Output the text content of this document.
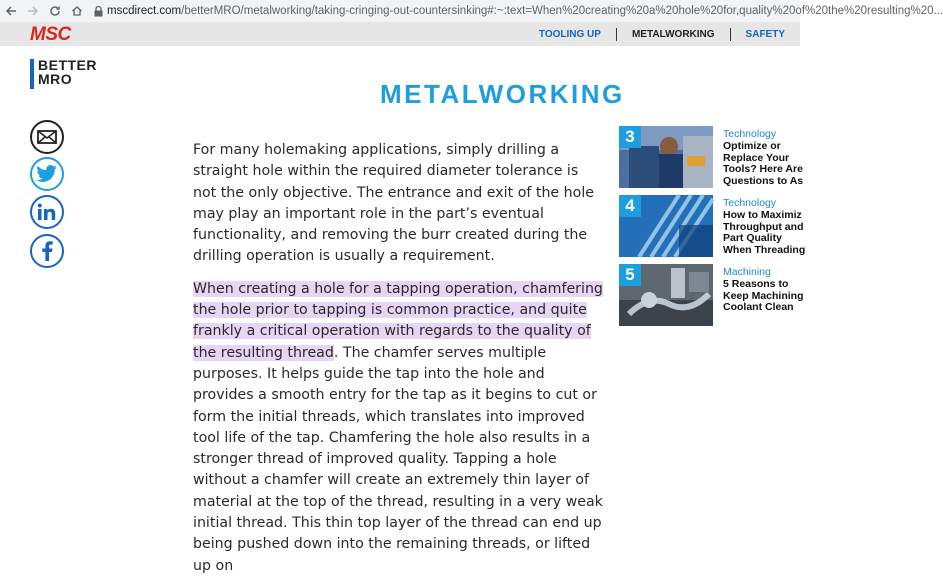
mscdirect.com /betterMRO/metalworking/taking-cringing-out-countersinking#:~:text=When%20creating%20a%20hole%20for,quality%20of%20the%20resulting%20...
MSC	TOOLING UP	METALWORKING	SAFETY
BETTER
MRO	METALWORKING

For many holemaking applications, simply drilling a straight hole within the required diameter tolerance is not the only objective. The entrance and exit of the hole may play an important role in the part’s eventual functionality, and removing the burr created during the drilling operation is usually a requirement.

When creating a hole for a tapping operation, chamfering the hole prior to tapping is common practice, and quite frankly a critical operation with regards to the quality of the resulting thread. The chamfer serves multiple purposes. It helps guide the tap into the hole and provides a smooth entry for the tap as it begins to cut or form the initial threads, which translates into improved tool life of the tap. Chamfering the hole also results in a stronger thread of improved quality. Tapping a hole without a chamfer will create an extremely thin layer of material at the top of the thread, resulting in a very weak initial thread. This thin top layer of the thread can end up being pushed down into the remaining threads, or lifted up on

3	Technology
Optimize or
Replace Your
Tools? Here Are
Questions to As
4	Technology
How to Maximiz
Throughput and
Part Quality
When Threading
5	Machining
5 Reasons to
Keep Machining
Coolant Clean
